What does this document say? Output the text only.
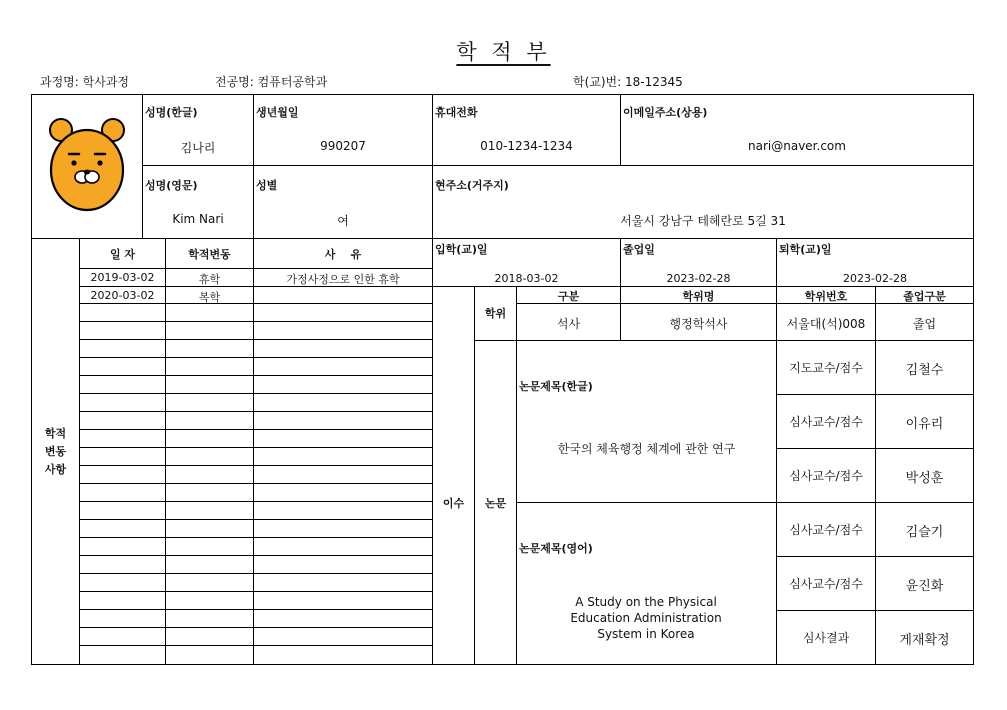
학 적 부
과정명: 학사과정	전공명: 컴퓨터공학과	학(교)번: 18-12345
성명(한글)
김나리
생년월일
990207
휴대전화
010-1234-1234
이메일주소(상용)
nari@naver.com
성명(영문)
Kim Nari
성별
여
현주소(거주지)
서울시 강남구 테헤란로 5길 31
학적
변동
사항
일 자	학적변동	사    유
2019-03-02	휴학	가정사정으로 인한 휴학
2020-03-02	복학
입학(교)일
2018-03-02
졸업일
2023-02-28
퇴학(교)일
2023-02-28
이수
학위
논문
구분	학위명	학위번호	졸업구분
석사	행정학석사	서울대(석)008	졸업
논문제목(한글)
한국의 체육행정 체계에 관한 연구
논문제목(영어)
A Study on the Physical Education Administration System in Korea
지도교수/점수	김철수
심사교수/점수	이유리
심사교수/점수	박성훈
심사교수/점수	김슬기
심사교수/점수	윤진화
심사결과	게재확정
